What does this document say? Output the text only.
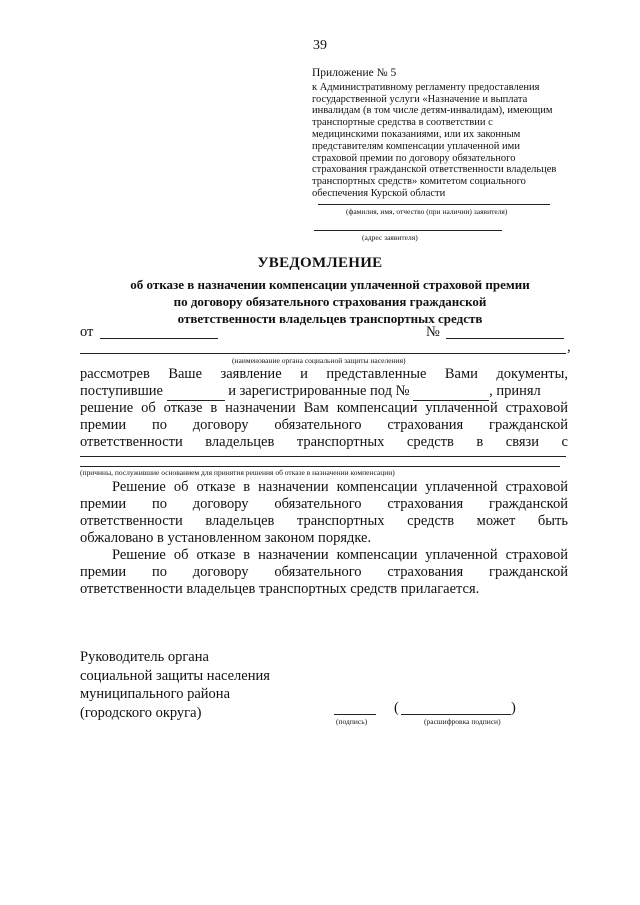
39
Приложение № 5
к Административному регламенту предоставления
государственной услуги «Назначение и выплата
инвалидам (в том числе детям-инвалидам), имеющим
транспортные средства в соответствии с
медицинскими показаниями, или их законным
представителям компенсации уплаченной ими
страховой премии по договору обязательного
страхования гражданской ответственности владельцев
транспортных средств» комитетом социального
обеспечения Курской области
(фамилия, имя, отчество (при наличии) заявителя)
(адрес заявителя)
УВЕДОМЛЕНИЕ
об отказе в назначении компенсации уплаченной страховой премии
по договору обязательного страхования гражданской
ответственности владельцев транспортных средств
от	№
,
(наименование органа социальной защиты населения)
рассмотрев Ваше заявление и представленные Вами документы,
поступившие	и зарегистрированные под №	, принял
решение об отказе в назначении Вам компенсации уплаченной страховой
премии по договору обязательного страхования гражданской
ответственности владельцев транспортных средств в связи с
(причины, послужившие основанием для принятия решения об отказе в назначении компенсации)
Решение об отказе в назначении компенсации уплаченной страховой
премии по договору обязательного страхования гражданской
ответственности владельцев транспортных средств может быть
обжаловано в установленном законом порядке.
Решение об отказе в назначении компенсации уплаченной страховой
премии по договору обязательного страхования гражданской
ответственности владельцев транспортных средств прилагается.
Руководитель органа
социальной защиты населения
муниципального района
(городского округа)
(подпись)
(	)
(расшифровка подписи)
